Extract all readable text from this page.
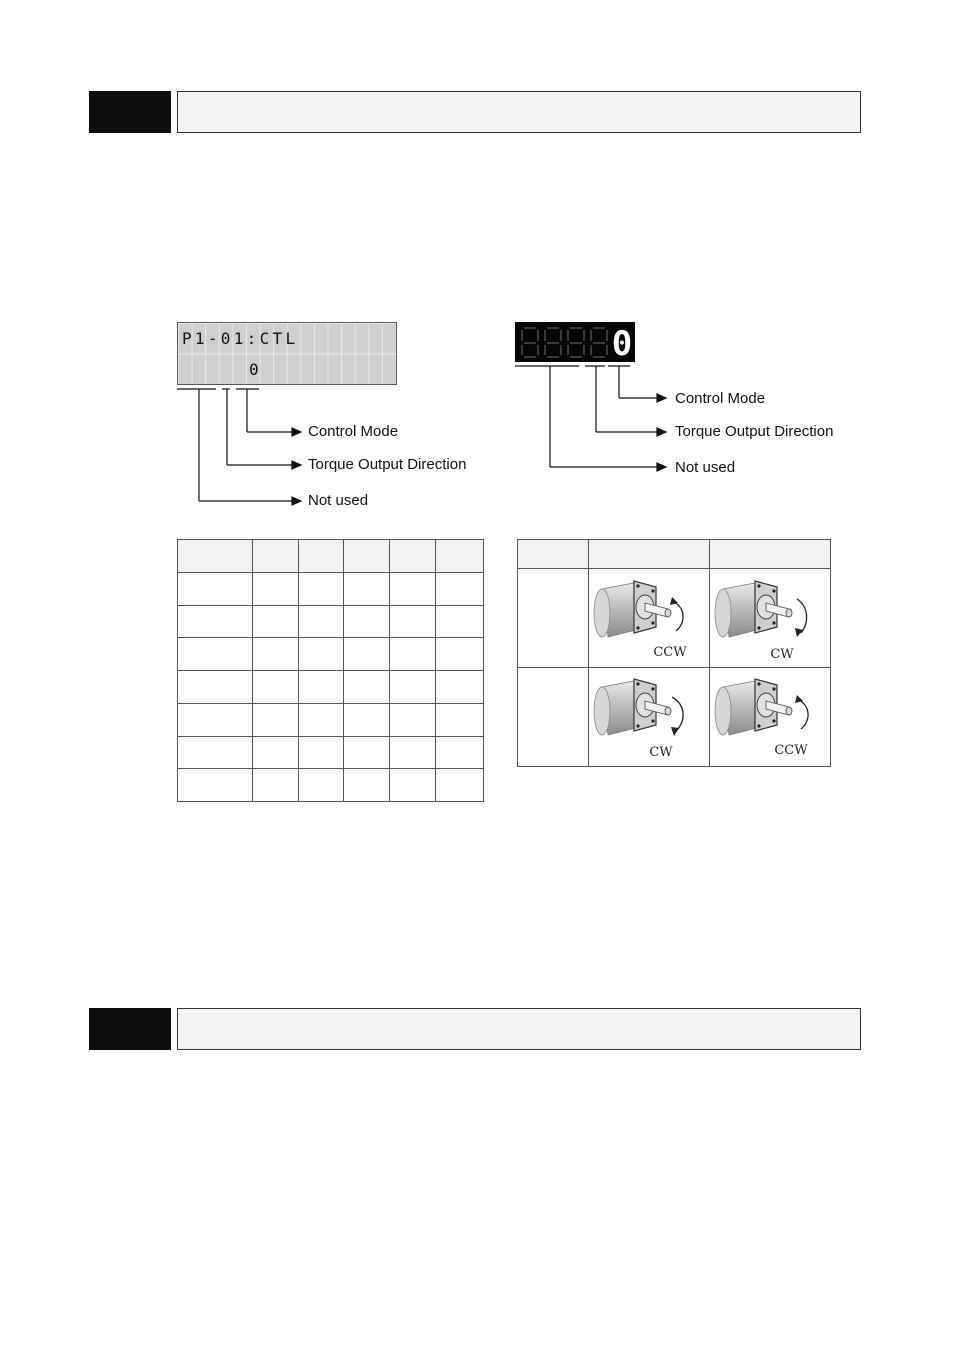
P1-01:CTL
0
Control Mode
Torque Output Direction
Not used
0
Control Mode
Torque Output Direction
Not used

CCW	CW
CW	CCW
